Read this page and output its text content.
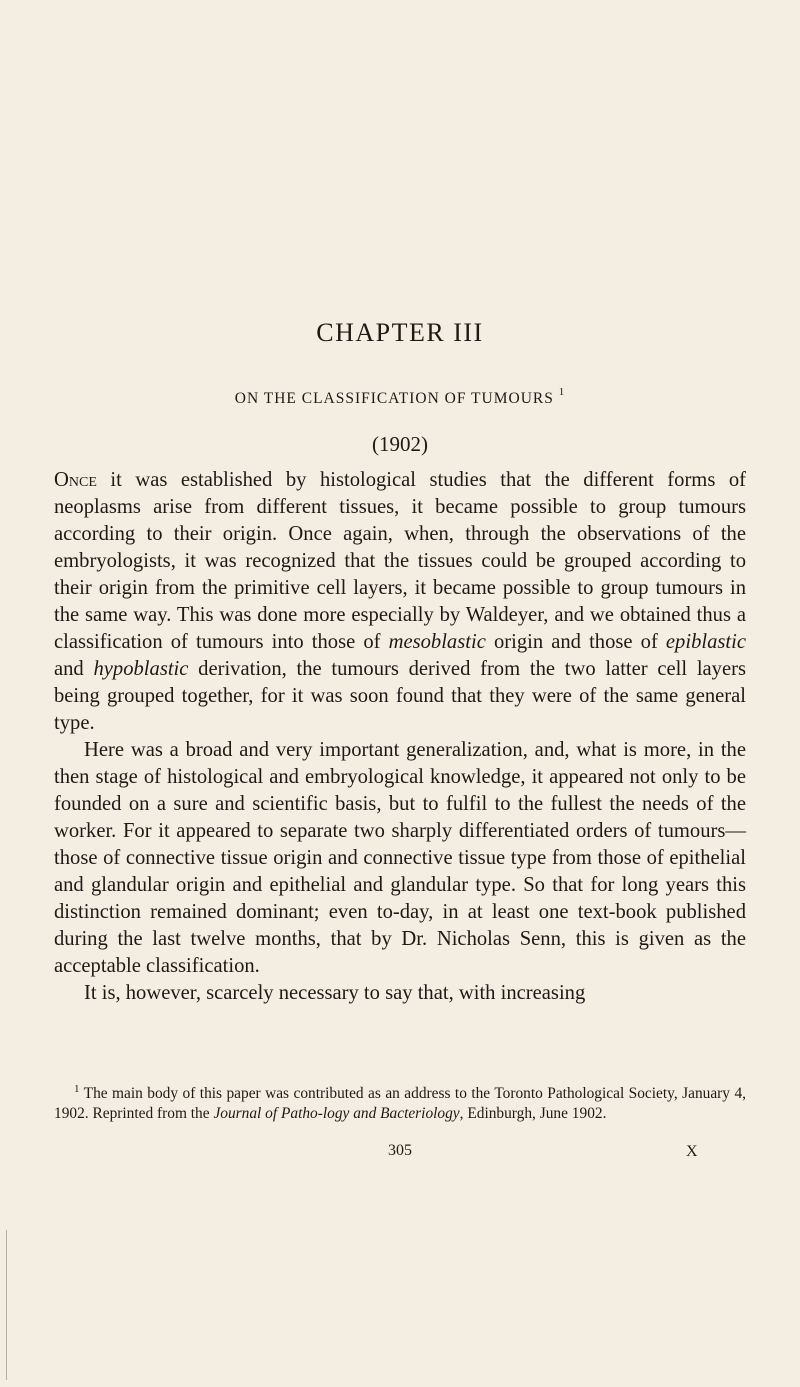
CHAPTER III
ON THE CLASSIFICATION OF TUMOURS $^1$
(1902)

Once it was established by histological studies that the different forms of neoplasms arise from different tissues, it became possible to group tumours according to their origin. Once again, when, through the observations of the embryologists, it was recognized that the tissues could be grouped according to their origin from the primitive cell layers, it became possible to group tumours in the same way. This was done more especially by Waldeyer, and we obtained thus a classification of tumours into those of mesoblastic origin and those of epiblastic and hypoblastic derivation, the tumours derived from the two latter cell layers being grouped together, for it was soon found that they were of the same general type.

Here was a broad and very important generalization, and, what is more, in the then stage of histological and embryological knowledge, it appeared not only to be founded on a sure and scientific basis, but to fulfil to the fullest the needs of the worker. For it appeared to separate two sharply differentiated orders of tumours—those of connective tissue origin and connective tissue type from those of epithelial and glandular origin and epithelial and glandular type. So that for long years this distinction remained dominant; even to-day, in at least one text-book published during the last twelve months, that by Dr. Nicholas Senn, this is given as the acceptable classification.

It is, however, scarcely necessary to say that, with increasing

$^1$ The main body of this paper was contributed as an address to the Toronto Pathological Society, January 4, 1902. Reprinted from the Journal of Patho-logy and Bacteriology, Edinburgh, June 1902.

305	X
